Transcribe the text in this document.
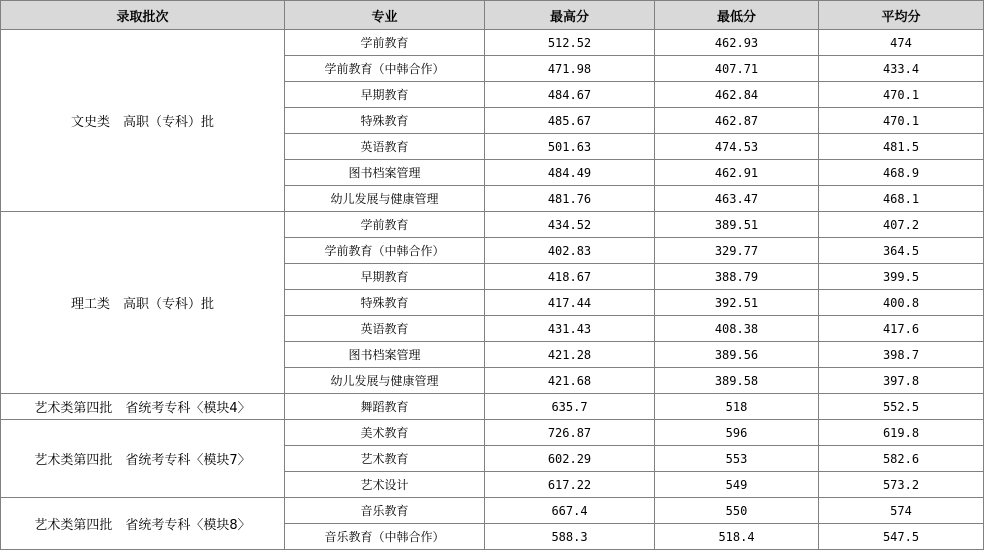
录取批次	专业	最高分	最低分	平均分
文史类　高职（专科）批	学前教育	512.52	462.93	474
	学前教育（中韩合作）	471.98	407.71	433.4
	早期教育	484.67	462.84	470.1
	特殊教育	485.67	462.87	470.1
	英语教育	501.63	474.53	481.5
	图书档案管理	484.49	462.91	468.9
	幼儿发展与健康管理	481.76	463.47	468.1
理工类　高职（专科）批	学前教育	434.52	389.51	407.2
	学前教育（中韩合作）	402.83	329.77	364.5
	早期教育	418.67	388.79	399.5
	特殊教育	417.44	392.51	400.8
	英语教育	431.43	408.38	417.6
	图书档案管理	421.28	389.56	398.7
	幼儿发展与健康管理	421.68	389.58	397.8
艺术类第四批　省统考专科〈模块4〉	舞蹈教育	635.7	518	552.5
艺术类第四批　省统考专科〈模块7〉	美术教育	726.87	596	619.8
	艺术教育	602.29	553	582.6
	艺术设计	617.22	549	573.2
艺术类第四批　省统考专科〈模块8〉	音乐教育	667.4	550	574
	音乐教育（中韩合作）	588.3	518.4	547.5
